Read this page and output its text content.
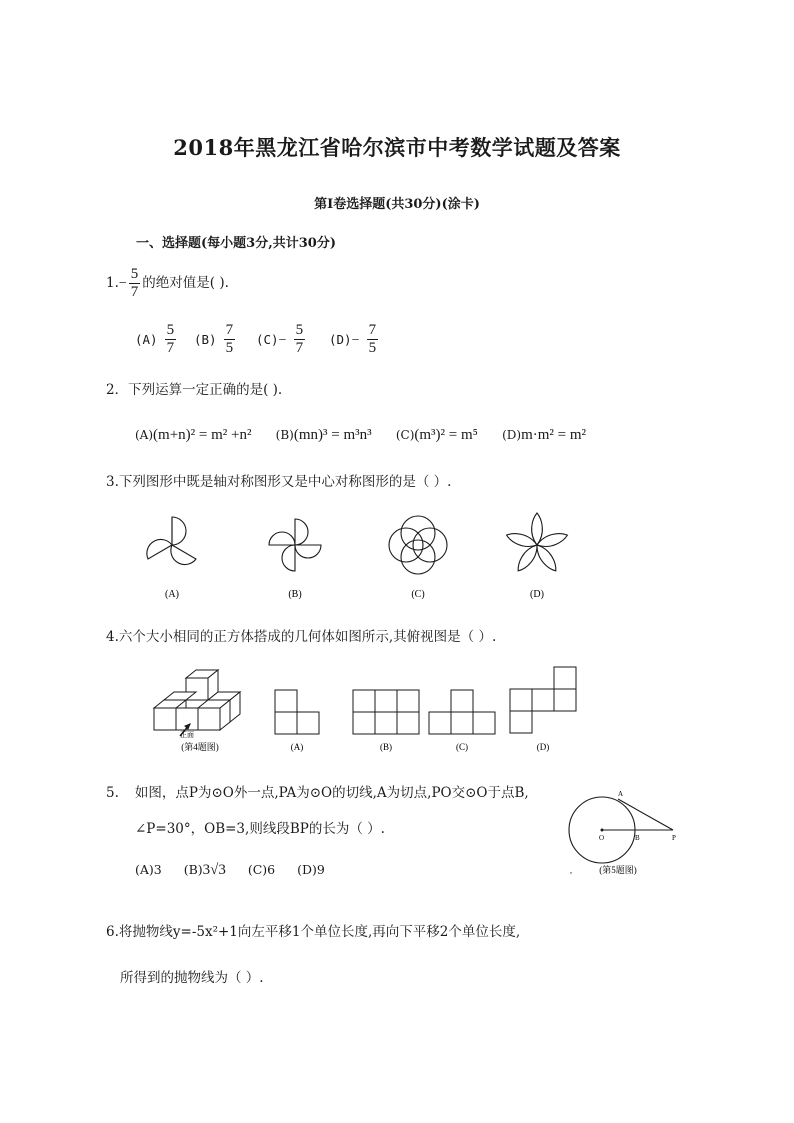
2018年黑龙江省哈尔滨市中考数学试题及答案
第Ⅰ卷选择题(共30分)(涂卡)
一、选择题(每小题3分,共计30分)
$1.- \frac{5}{7}$ 的绝对值是( ).
$(A) \frac{5}{7} (B) \frac{7}{5} (C)- \frac{5}{7} (D)- \frac{7}{5}$
2．下列运算一定正确的是( ).
(A)(m+n)² = m² +n² (B)(mn)³ = m³n³ (C)(m³)² = m⁵ (D)m·m² = m²
3.下列图形中既是轴对称图形又是中心对称图形的是（ ）.
(A)	(B)	(C)	(D)
4.六个大小相同的正方体搭成的几何体如图所示,其俯视图是（ ）.
正面
(第4题图)	(A)	(B)	(C)	(D)
5. 如图，点P为⊙O外一点,PA为⊙O的切线,A为切点,PO交⊙O于点B,
∠P=30°，OB=3,则线段BP的长为（ ）.
(A)3 (B)3√3 (C)6 (D)9
A
O	B	P
,	(第5题图)
6.将抛物线y=-5x²+1向左平移1个单位长度,再向下平移2个单位长度,
所得到的抛物线为（ ）.
